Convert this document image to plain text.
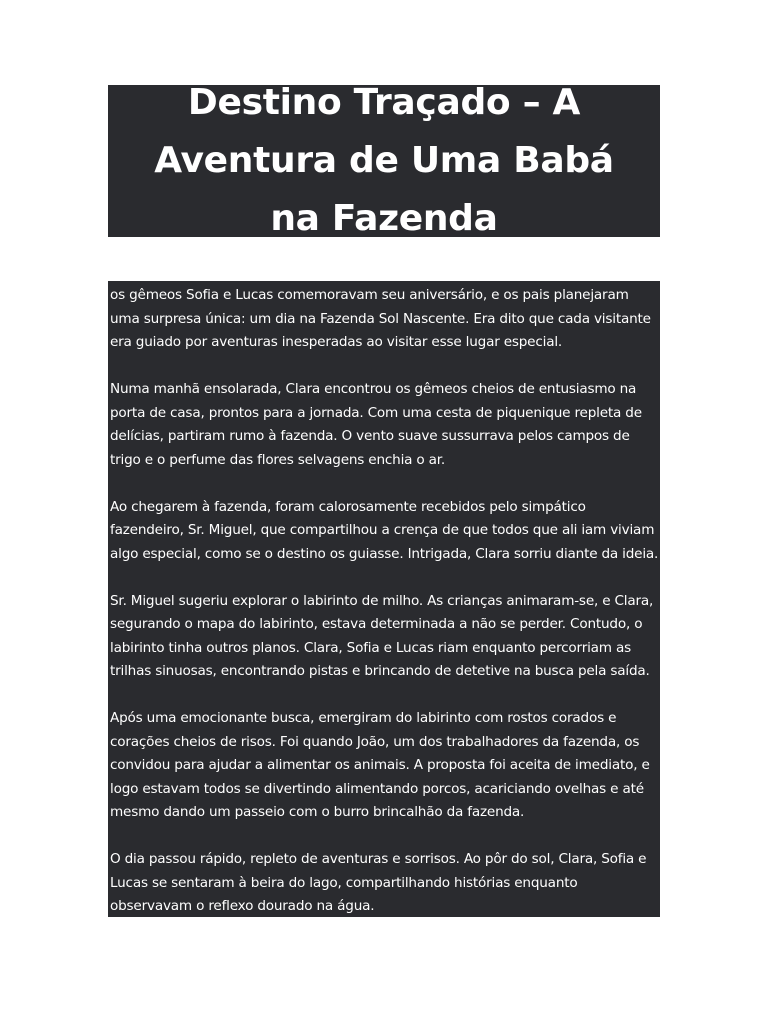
Destino Traçado – A Aventura de Uma Babá na Fazenda

os gêmeos Sofia e Lucas comemoravam seu aniversário, e os pais planejaram uma surpresa única: um dia na Fazenda Sol Nascente. Era dito que cada visitante era guiado por aventuras inesperadas ao visitar esse lugar especial.

Numa manhã ensolarada, Clara encontrou os gêmeos cheios de entusiasmo na porta de casa, prontos para a jornada. Com uma cesta de piquenique repleta de delícias, partiram rumo à fazenda. O vento suave sussurrava pelos campos de trigo e o perfume das flores selvagens enchia o ar.

Ao chegarem à fazenda, foram calorosamente recebidos pelo simpático fazendeiro, Sr. Miguel, que compartilhou a crença de que todos que ali iam viviam algo especial, como se o destino os guiasse. Intrigada, Clara sorriu diante da ideia.

Sr. Miguel sugeriu explorar o labirinto de milho. As crianças animaram-se, e Clara, segurando o mapa do labirinto, estava determinada a não se perder. Contudo, o labirinto tinha outros planos. Clara, Sofia e Lucas riam enquanto percorriam as trilhas sinuosas, encontrando pistas e brincando de detetive na busca pela saída.

Após uma emocionante busca, emergiram do labirinto com rostos corados e corações cheios de risos. Foi quando João, um dos trabalhadores da fazenda, os convidou para ajudar a alimentar os animais. A proposta foi aceita de imediato, e logo estavam todos se divertindo alimentando porcos, acariciando ovelhas e até mesmo dando um passeio com o burro brincalhão da fazenda.

O dia passou rápido, repleto de aventuras e sorrisos. Ao pôr do sol, Clara, Sofia e Lucas se sentaram à beira do lago, compartilhando histórias enquanto observavam o reflexo dourado na água.
